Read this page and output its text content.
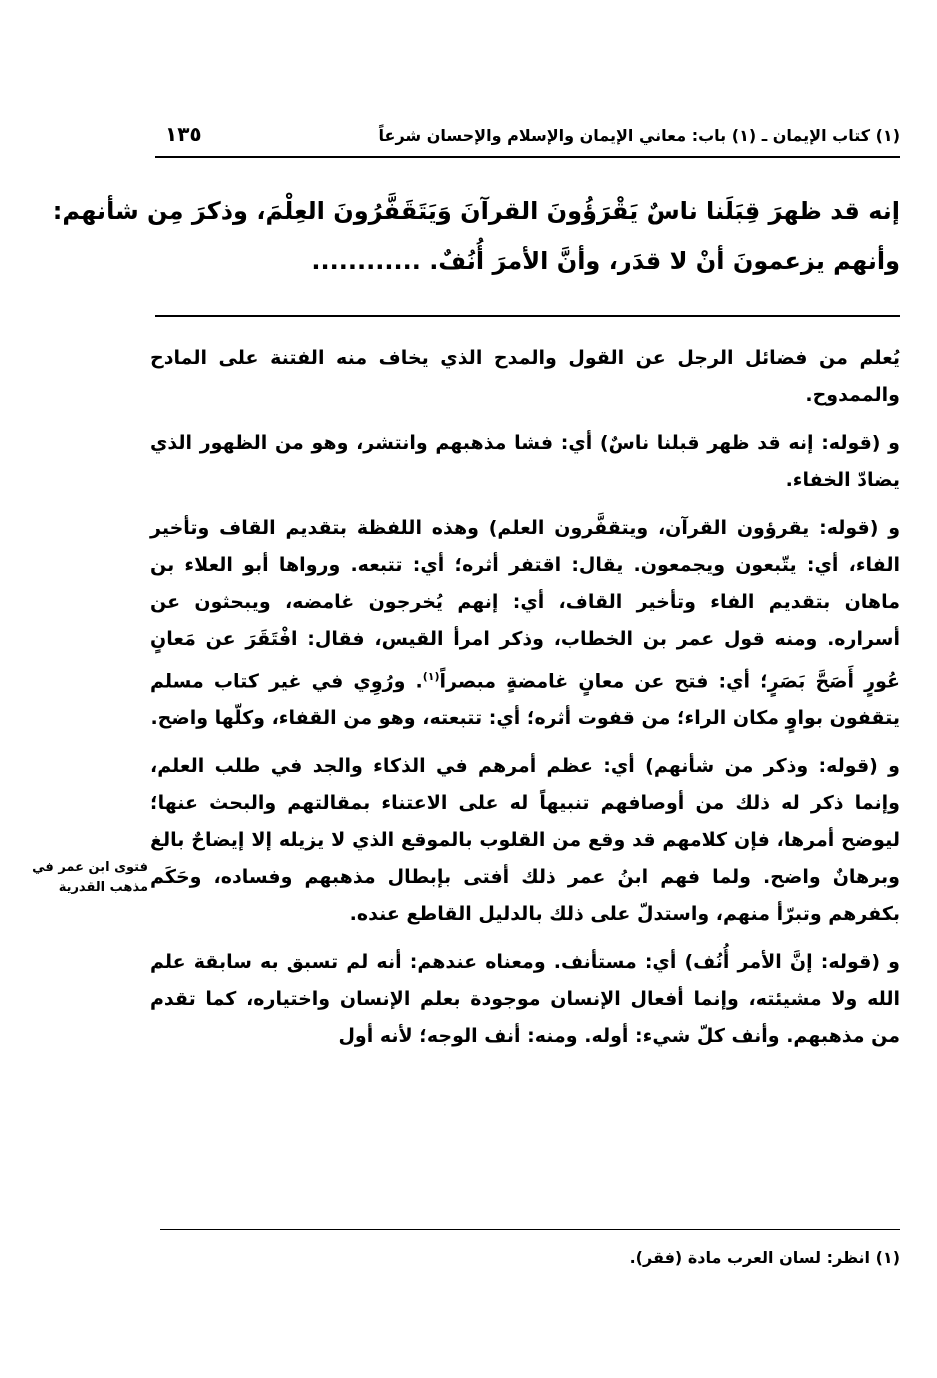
(١) كتاب الإيمان ـ (١) باب: معاني الإيمان والإسلام والإحسان شرعاً
١٣٥
إنه قد ظهرَ قِبَلَنا ناسٌ يَقْرَؤُونَ القرآنَ وَيَتَقَفَّرُونَ العِلْمَ، وذكرَ مِن شأنهم:
وأنهم يزعمونَ أنْ لا قدَر، وأنَّ الأمرَ أُنُفٌ. ............

يُعلم من فضائل الرجل عن القول والمدح الذي يخاف منه الفتنة على المادح والممدوح.

و (قوله: إنه قد ظهر قبلنا ناسٌ) أي: فشا مذهبهم وانتشر، وهو من الظهور الذي يضادّ الخفاء.

و (قوله: يقرؤون القرآن، ويتقفَّرون العلم) وهذه اللفظة بتقديم القاف وتأخير الفاء، أي: يتّبعون ويجمعون. يقال: اقتفر أثره؛ أي: تتبعه. ورواها أبو العلاء بن ماهان بتقديم الفاء وتأخير القاف، أي: إنهم يُخرجون غامضه، ويبحثون عن أسراره. ومنه قول عمر بن الخطاب، وذكر امرأ القيس، فقال: افْتَقَرَ عن مَعانٍ عُورٍ أَصَحَّ بَصَرٍ؛ أي: فتح عن معانٍ غامضةٍ مبصراً$^{(١)}$. ورُوِي في غير كتاب مسلم يتقفون بواوٍ مكان الراء؛ من قفوت أثره؛ أي: تتبعته، وهو من القفاء، وكلّها واضح.

و (قوله: وذكر من شأنهم) أي: عظم أمرهم في الذكاء والجد في طلب العلم، وإنما ذكر له ذلك من أوصافهم تنبيهاً له على الاعتناء بمقالتهم والبحث عنها؛ ليوضح أمرها، فإن كلامهم قد وقع من القلوب بالموقع الذي لا يزيله إلا إيضاحٌ بالغ وبرهانٌ واضح. ولما فهم ابنُ عمر ذلك أفتى بإبطال مذهبهم وفساده، وحَكَم بكفرهم وتبرّأ منهم، واستدلّ على ذلك بالدليل القاطع عنده.

و (قوله: إنَّ الأمر أُنُف) أي: مستأنف. ومعناه عندهم: أنه لم تسبق به سابقة علم الله ولا مشيئته، وإنما أفعال الإنسان موجودة بعلم الإنسان واختياره، كما تقدم من مذهبهم. وأنف كلّ شيء: أوله. ومنه: أنف الوجه؛ لأنه أول

فتوى ابن عمر في مذهب القدرية
(١) انظر: لسان العرب مادة (فقر).
